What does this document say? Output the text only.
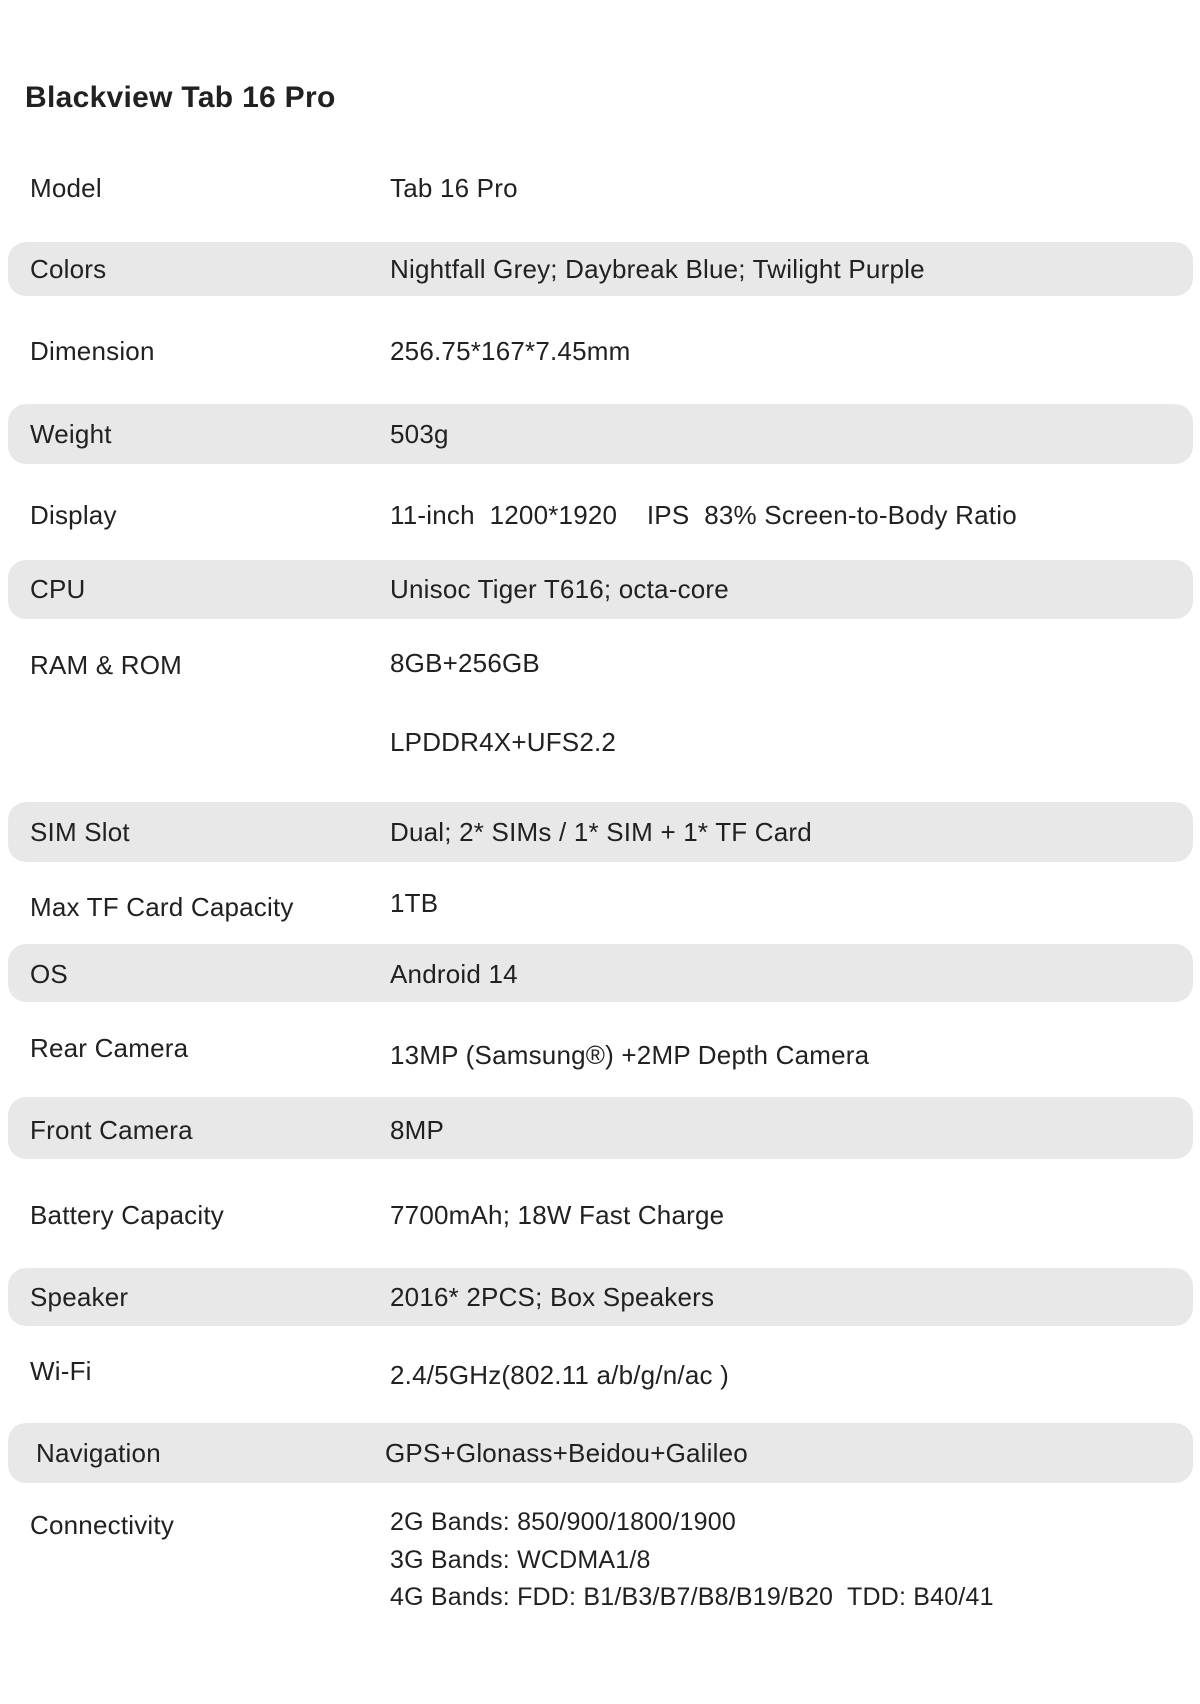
Blackview Tab 16 Pro
Model	Tab 16 Pro
Colors	Nightfall Grey; Daybreak Blue; Twilight Purple
Dimension	256.75*167*7.45mm
Weight	503g
Display	11-inch  1200*1920    IPS  83% Screen-to-Body Ratio
CPU	Unisoc Tiger T616; octa-core
RAM & ROM	8GB+256GB
LPDDR4X+UFS2.2
SIM Slot	Dual; 2* SIMs / 1* SIM + 1* TF Card
Max TF Card Capacity	1TB
OS	Android 14
Rear Camera	13MP (Samsung®) +2MP Depth Camera
Front Camera	8MP
Battery Capacity	7700mAh; 18W Fast Charge
Speaker	2016* 2PCS; Box Speakers
Wi-Fi	2.4/5GHz(802.11 a/b/g/n/ac )
Navigation	GPS+Glonass+Beidou+Galileo
Connectivity	2G Bands: 850/900/1800/1900
3G Bands: WCDMA1/8
4G Bands: FDD: B1/B3/B7/B8/B19/B20  TDD: B40/41
